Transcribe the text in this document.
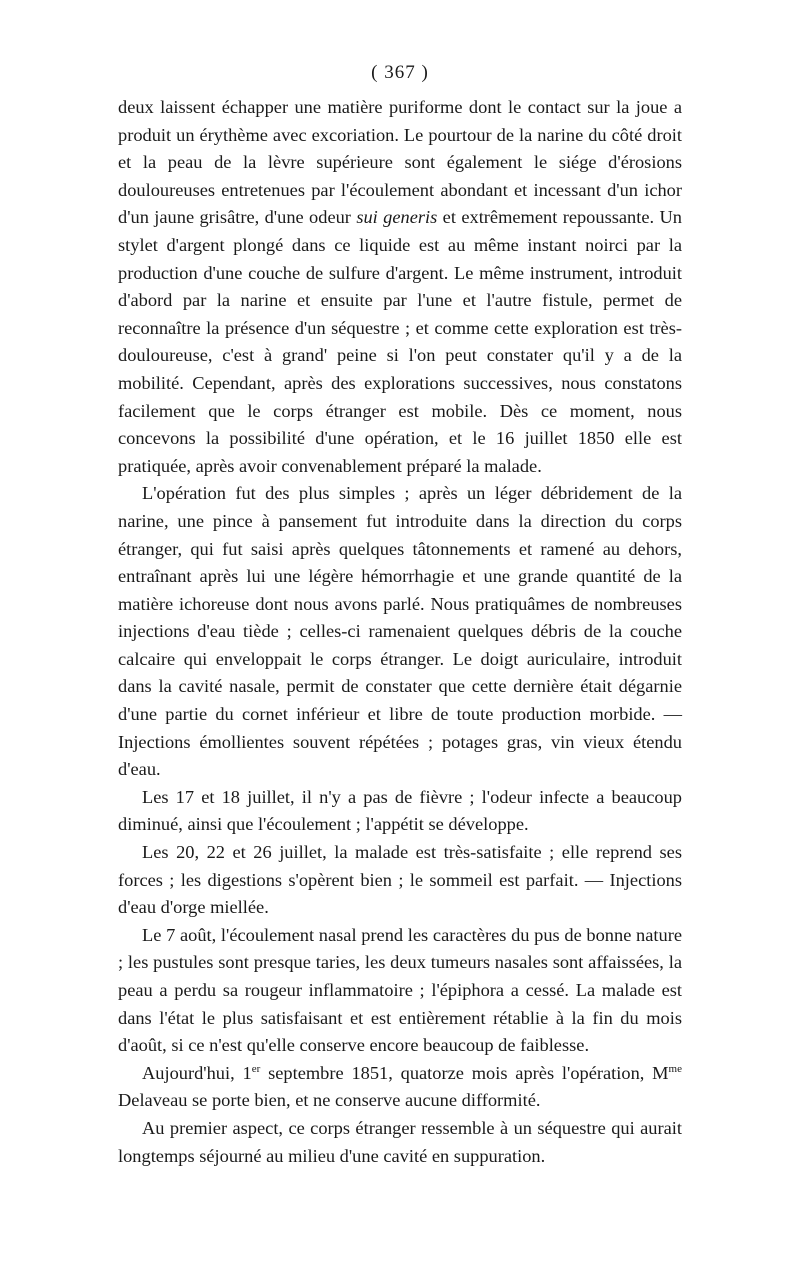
( 367 )

deux laissent échapper une matière puriforme dont le contact sur la joue a produit un érythème avec excoriation. Le pourtour de la narine du côté droit et la peau de la lèvre supérieure sont également le siége d'érosions douloureuses entretenues par l'écoulement abondant et incessant d'un ichor d'un jaune grisâtre, d'une odeur sui generis et extrêmement repoussante. Un stylet d'argent plongé dans ce liquide est au même instant noirci par la production d'une couche de sulfure d'argent. Le même instrument, introduit d'abord par la narine et ensuite par l'une et l'autre fistule, permet de reconnaître la présence d'un séquestre ; et comme cette exploration est très-douloureuse, c'est à grand' peine si l'on peut constater qu'il y a de la mobilité. Cependant, après des explorations successives, nous constatons facilement que le corps étranger est mobile. Dès ce moment, nous concevons la possibilité d'une opération, et le 16 juillet 1850 elle est pratiquée, après avoir convenablement préparé la malade.

L'opération fut des plus simples ; après un léger débridement de la narine, une pince à pansement fut introduite dans la direction du corps étranger, qui fut saisi après quelques tâtonnements et ramené au dehors, entraînant après lui une légère hémorrhagie et une grande quantité de la matière ichoreuse dont nous avons parlé. Nous pratiquâmes de nombreuses injections d'eau tiède ; celles-ci ramenaient quelques débris de la couche calcaire qui enveloppait le corps étranger. Le doigt auriculaire, introduit dans la cavité nasale, permit de constater que cette dernière était dégarnie d'une partie du cornet inférieur et libre de toute production morbide. — Injections émollientes souvent répétées ; potages gras, vin vieux étendu d'eau.

Les 17 et 18 juillet, il n'y a pas de fièvre ; l'odeur infecte a beaucoup diminué, ainsi que l'écoulement ; l'appétit se développe.

Les 20, 22 et 26 juillet, la malade est très-satisfaite ; elle reprend ses forces ; les digestions s'opèrent bien ; le sommeil est parfait. — Injections d'eau d'orge miellée.

Le 7 août, l'écoulement nasal prend les caractères du pus de bonne nature ; les pustules sont presque taries, les deux tumeurs nasales sont affaissées, la peau a perdu sa rougeur inflammatoire ; l'épiphora a cessé. La malade est dans l'état le plus satisfaisant et est entièrement rétablie à la fin du mois d'août, si ce n'est qu'elle conserve encore beaucoup de faiblesse.

Aujourd'hui, 1er septembre 1851, quatorze mois après l'opération, $M^{me}$ Delaveau se porte bien, et ne conserve aucune difformité.

Au premier aspect, ce corps étranger ressemble à un séquestre qui aurait longtemps séjourné au milieu d'une cavité en suppuration.
